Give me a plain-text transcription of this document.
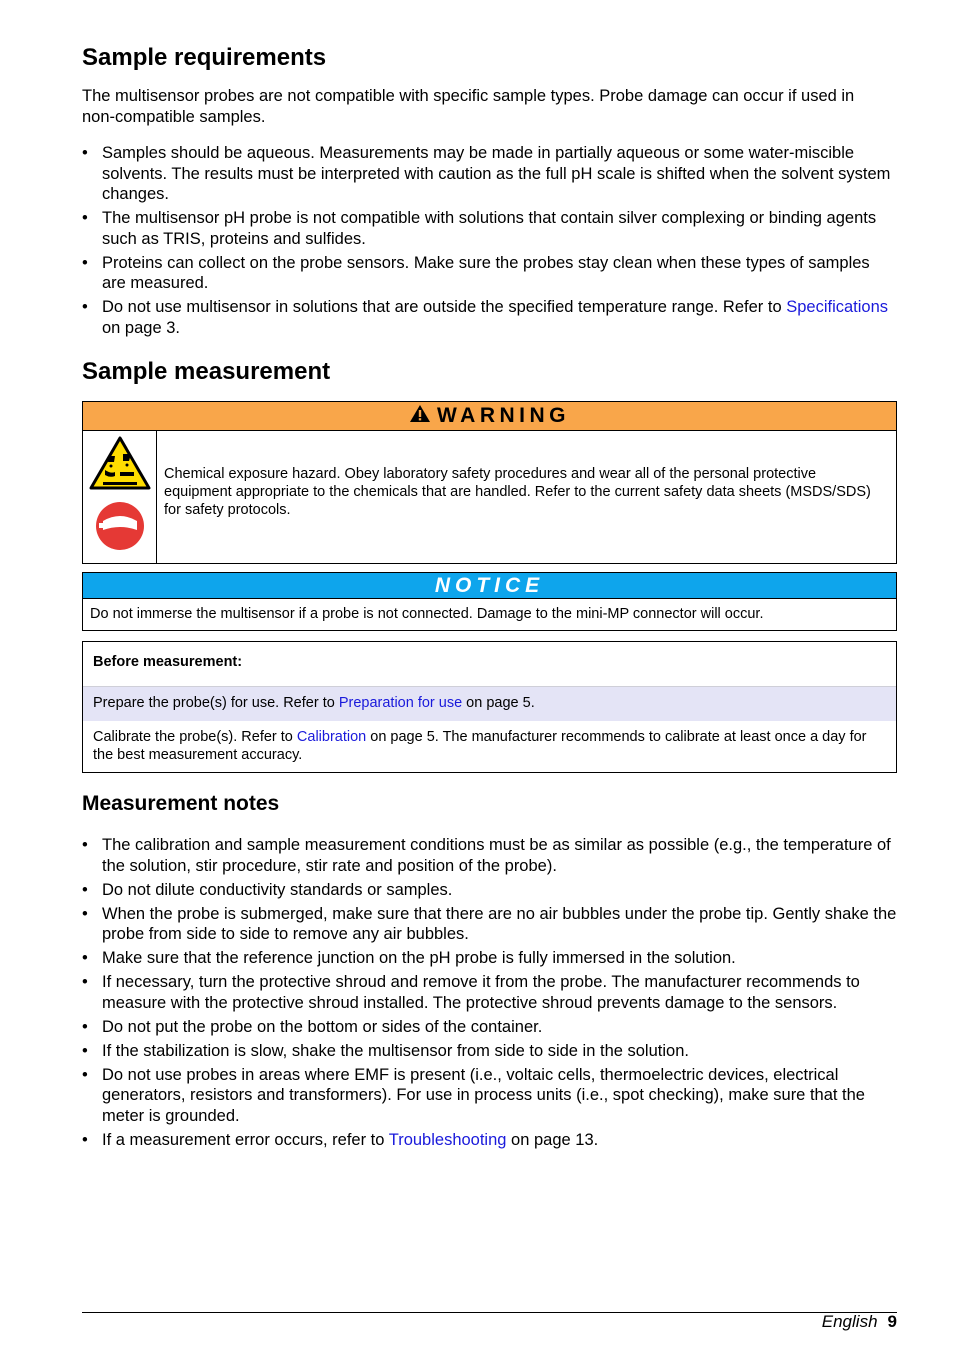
Sample requirements

The multisensor probes are not compatible with specific sample types. Probe damage can occur if used in non-compatible samples.

• Samples should be aqueous. Measurements may be made in partially aqueous or some water-miscible solvents. The results must be interpreted with caution as the full pH scale is shifted when the solvent system changes.
• The multisensor pH probe is not compatible with solutions that contain silver complexing or binding agents such as TRIS, proteins and sulfides.
• Proteins can collect on the probe sensors. Make sure the probes stay clean when these types of samples are measured.
• Do not use multisensor in solutions that are outside the specified temperature range. Refer to Specifications on page 3.
Sample measurement
WARNING
Chemical exposure hazard. Obey laboratory safety procedures and wear all of the personal protective equipment appropriate to the chemicals that are handled. Refer to the current safety data sheets (MSDS/SDS) for safety protocols.
NOTICE
Do not immerse the multisensor if a probe is not connected. Damage to the mini-MP connector will occur.
Before measurement:
Prepare the probe(s) for use. Refer to Preparation for use on page 5.
Calibrate the probe(s). Refer to Calibration on page 5. The manufacturer recommends to calibrate at least once a day for the best measurement accuracy.
Measurement notes
• The calibration and sample measurement conditions must be as similar as possible (e.g., the temperature of the solution, stir procedure, stir rate and position of the probe).
• Do not dilute conductivity standards or samples.
• When the probe is submerged, make sure that there are no air bubbles under the probe tip. Gently shake the probe from side to side to remove any air bubbles.
• Make sure that the reference junction on the pH probe is fully immersed in the solution.
• If necessary, turn the protective shroud and remove it from the probe. The manufacturer recommends to measure with the protective shroud installed. The protective shroud prevents damage to the sensors.
• Do not put the probe on the bottom or sides of the container.
• If the stabilization is slow, shake the multisensor from side to side in the solution.
• Do not use probes in areas where EMF is present (i.e., voltaic cells, thermoelectric devices, electrical generators, resistors and transformers). For use in process units (i.e., spot checking), make sure that the meter is grounded.
• If a measurement error occurs, refer to Troubleshooting on page 13.
English 9
